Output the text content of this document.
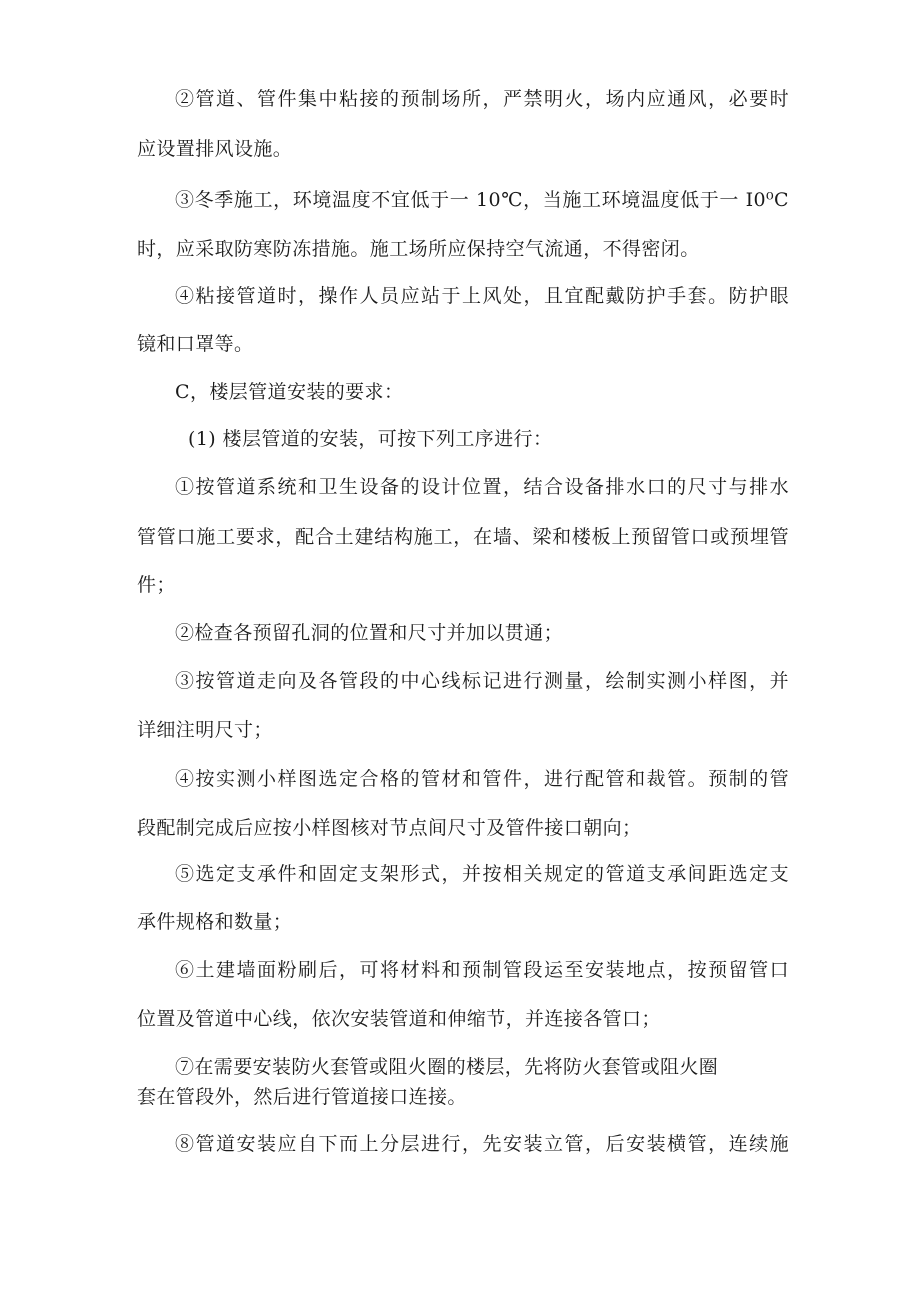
②管道、管件集中粘接的预制场所，严禁明火，场内应通风，必要时
应设置排风设施。
③冬季施工，环境温度不宜低于一 10℃，当施工环境温度低于一 I0⁰C
时，应采取防寒防冻措施。施工场所应保持空气流通，不得密闭。
④粘接管道时，操作人员应站于上风处，且宜配戴防护手套。防护眼
镜和口罩等。
C，楼层管道安装的要求：
(1) 楼层管道的安装，可按下列工序进行：
①按管道系统和卫生设备的设计位置，结合设备排水口的尺寸与排水
管管口施工要求，配合土建结构施工，在墙、梁和楼板上预留管口或预埋管
件；
②检查各预留孔洞的位置和尺寸并加以贯通；
③按管道走向及各管段的中心线标记进行测量，绘制实测小样图，并
详细注明尺寸；
④按实测小样图选定合格的管材和管件，进行配管和裁管。预制的管
段配制完成后应按小样图核对节点间尺寸及管件接口朝向；
⑤选定支承件和固定支架形式，并按相关规定的管道支承间距选定支
承件规格和数量；
⑥土建墙面粉刷后，可将材料和预制管段运至安装地点，按预留管口
位置及管道中心线，依次安装管道和伸缩节，并连接各管口；
⑦在需要安装防火套管或阻火圈的楼层，先将防火套管或阻火圈
套在管段外，然后进行管道接口连接。
⑧管道安装应自下而上分层进行，先安装立管，后安装横管，连续施
